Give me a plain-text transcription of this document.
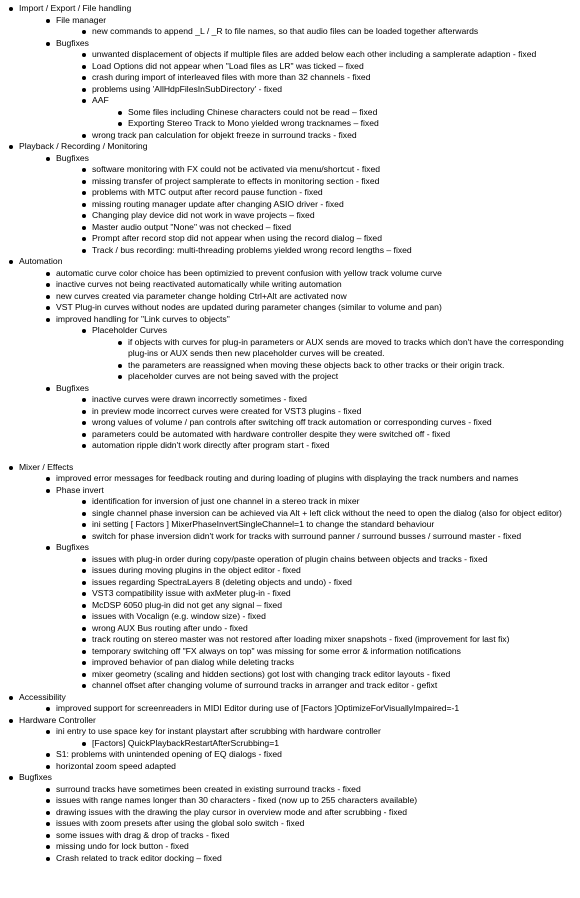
Import / Export / File handling
File manager
new commands to append _L / _R to file names, so that audio files can be loaded together afterwards
Bugfixes
unwanted displacement of objects if multiple files are added below each other including a samplerate adaption - fixed
Load Options did not appear when "Load files as LR" was ticked – fixed
crash during import of interleaved files with more than 32 channels - fixed
problems using 'AllHdpFilesInSubDirectory' - fixed
AAF
Some files including Chinese characters could not be read – fixed
Exporting Stereo Track to Mono yielded wrong tracknames – fixed
wrong track pan calculation for objekt freeze in surround tracks - fixed
Playback / Recording / Monitoring
Bugfixes
software monitoring with FX could not be activated via menu/shortcut - fixed
missing transfer of project samplerate to effects in monitoring section - fixed
problems with MTC output after record pause function - fixed
missing routing manager update after changing ASIO driver - fixed
Changing play device did not work in wave projects – fixed
Master audio output "None" was not checked – fixed
Prompt after record stop did not appear when using the record dialog – fixed
Track / bus recording: multi-threading problems yielded wrong record lengths – fixed
Automation
automatic curve color choice has been optimizied to prevent confusion with yellow track volume curve
inactive curves not being reactivated automatically while writing automation
new curves created via parameter change holding Ctrl+Alt are activated now
VST Plug-in curves without nodes are updated during parameter changes (similar to volume and pan)
improved handling for "Link curves to objects"
Placeholder Curves
if objects with curves for plug-in parameters or AUX sends are moved to tracks which don't have the corresponding plug-ins or AUX sends then new placeholder curves will be created.
the parameters are reassigned when moving these objects back to other tracks or their origin track.
placeholder curves are not being saved with the project
Bugfixes
inactive curves were drawn incorrectly sometimes - fixed
in preview mode incorrect curves were created for VST3 plugins - fixed
wrong values of volume / pan controls after switching off track automation or corresponding curves - fixed
parameters could be automated with hardware controller despite they were switched off - fixed
automation ripple didn't work directly after program start - fixed
Mixer / Effects
improved error messages for feedback routing and during loading of plugins with displaying the track numbers and names
Phase invert
identification for inversion of just one channel in a stereo track in mixer
single channel phase inversion can be achieved via Alt + left click without the need to open the dialog (also for object editor)
ini setting [ Factors ] MixerPhaseInvertSingleChannel=1 to change the standard behaviour
switch for phase inversion didn't work for tracks with surround panner / surround busses / surround master - fixed
Bugfixes
issues with plug-in order during copy/paste operation of plugin chains between objects and tracks - fixed
issues during moving plugins in the object editor - fixed
issues regarding SpectraLayers 8 (deleting objects and undo) - fixed
VST3 compatibility issue with axMeter plug-in - fixed
McDSP 6050 plug-in did not get any signal – fixed
issues with Vocalign (e.g. window size) - fixed
wrong AUX Bus routing after undo - fixed
track routing on stereo master was not restored after loading mixer snapshots - fixed (improvement for last fix)
temporary switching off "FX always on top" was missing for some error & information notifications
improved behavior of pan dialog while deleting tracks
mixer geometry (scaling and hidden sections) got lost with changing track editor layouts - fixed
channel offset after changing volume of surround tracks in arranger and track editor - gefixt
Accessibility
improved support for screenreaders in MIDI Editor during use of [Factors ]OptimizeForVisuallyImpaired=-1
Hardware Controller
ini entry to use space key for instant playstart after scrubbing with hardware controller
[Factors] QuickPlaybackRestartAfterScrubbing=1
S1: problems with unintended opening of EQ dialogs - fixed
horizontal zoom speed adapted
Bugfixes
surround tracks have sometimes been created in existing surround tracks - fixed
issues with range names longer than 30 characters - fixed (now up to 255 characters available)
drawing issues with the drawing the play cursor in overview mode and after scrubbing - fixed
issues with zoom presets after using the global solo switch - fixed
some issues with drag & drop of tracks - fixed
missing undo for lock button - fixed
Crash related to track editor docking – fixed
